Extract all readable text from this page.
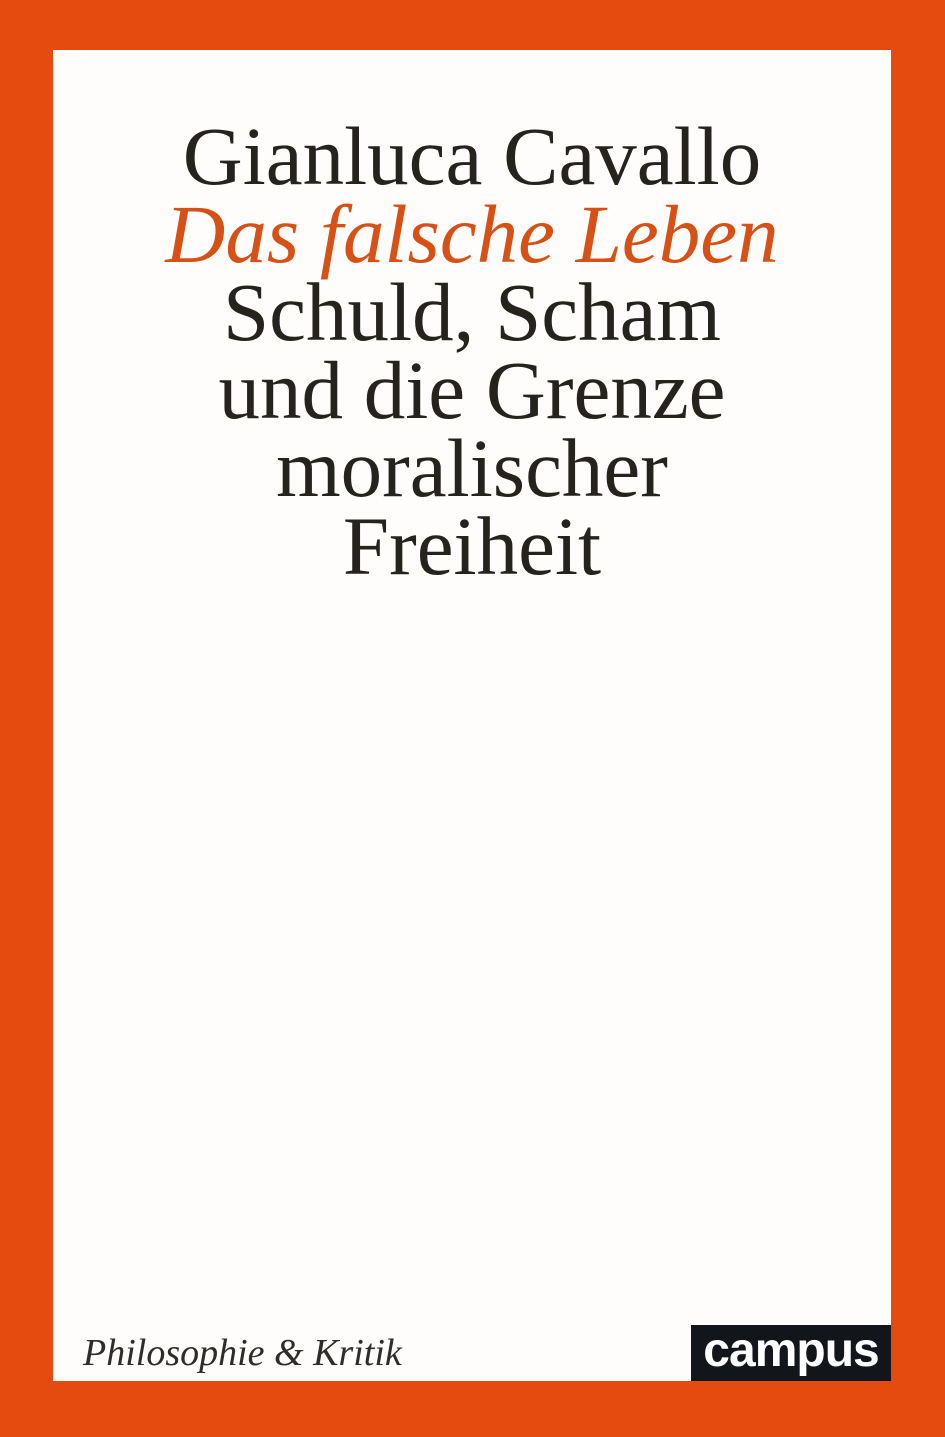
Gianluca Cavallo
Das falsche Leben
Schuld, Scham
und die Grenze
moralischer
Freiheit
Philosophie & Kritik	campus
